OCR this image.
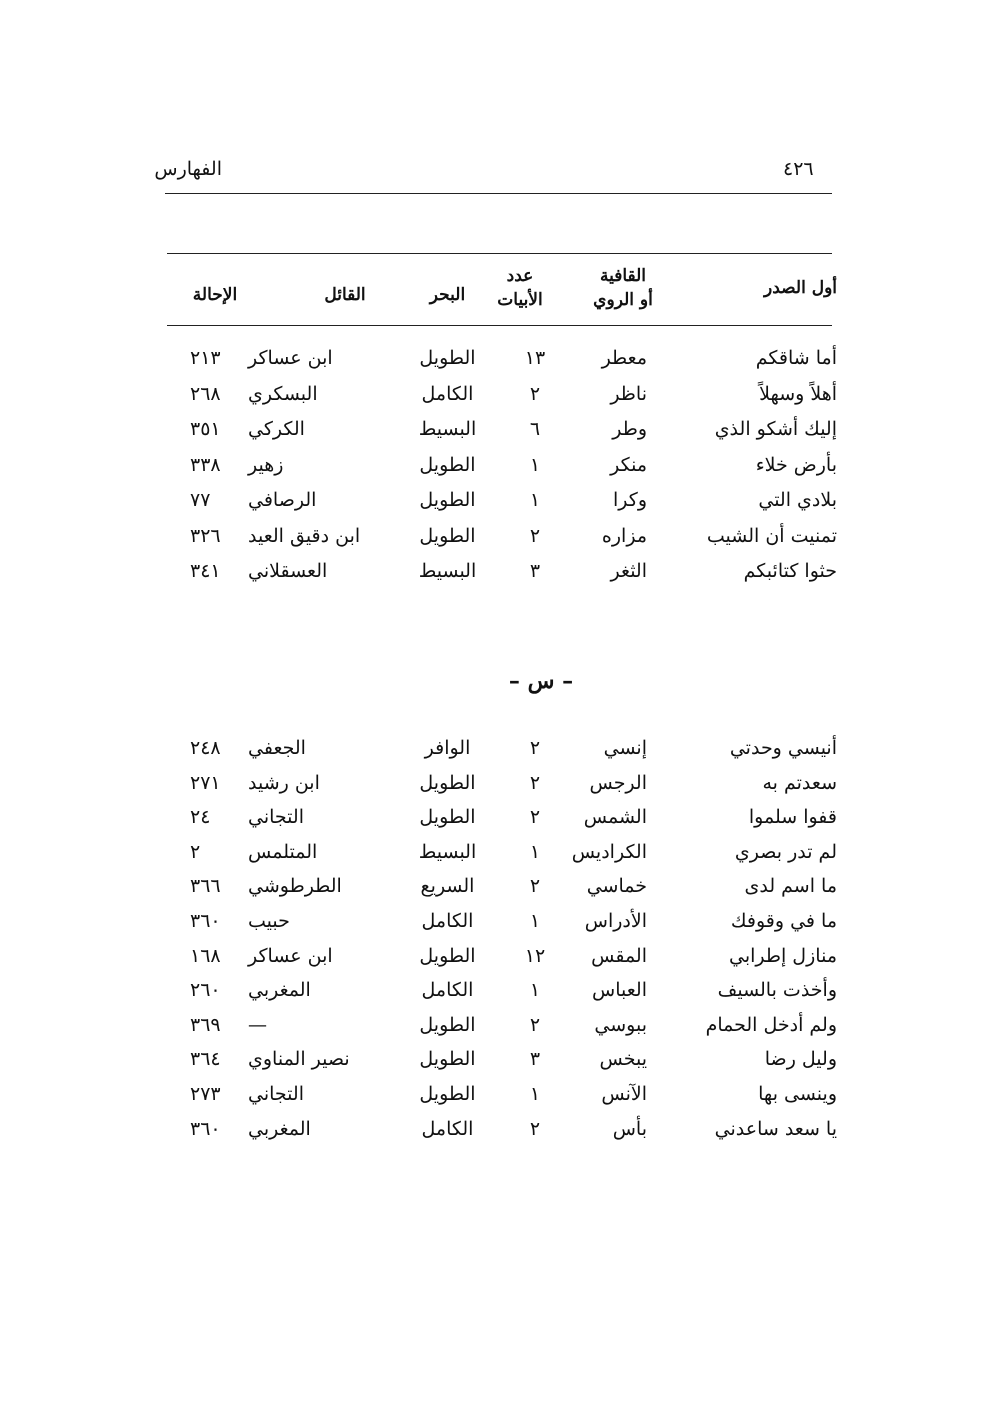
الفهارس	٤٢٦
أول الصدر
القافية
أو الروي
عدد
الأبيات
البحر
القائل
الإحالة
أما شاقكم
معطر
١٣
الطويل
ابن عساكر
٢١٣
أهلاً وسهلاً
ناظر
٢
الكامل
البسكري
٢٦٨
إليك أشكو الذي
وطر
٦
البسيط
الكركي
٣٥١
بأرض خلاء
منكر
١
الطويل
زهير
٣٣٨
بلادي التي
وكرا
١
الطويل
الرصافي
٧٧
تمنيت أن الشيب
مزاره
٢
الطويل
ابن دقيق العيد
٣٢٦
حثوا كتائبكم
الثغر
٣
البسيط
العسقلاني
٣٤١
– س –
أنيسي وحدتي
إنسي
٢
الوافر
الجعفي
٢٤٨
سعدتم به
الرجس
٢
الطويل
ابن رشيد
٢٧١
قفوا سلموا
الشمس
٢
الطويل
التجاني
٢٤
لم تدر بصري
الكراديس
١
البسيط
المتلمس
٢
ما اسم لدى
خماسي
٢
السريع
الطرطوشي
٣٦٦
ما في وقوفك
الأدراس
١
الكامل
حبيب
٣٦٠
منازل إطرابي
المقس
١٢
الطويل
ابن عساكر
١٦٨
وأخذت بالسيف
العباس
١
الكامل
المغربي
٢٦٠
ولم أدخل الحمام
ببوسي
٢
الطويل
—
٣٦٩
وليل رضا
يبخس
٣
الطويل
نصير المناوي
٣٦٤
وينسى بها
الآنس
١
الطويل
التجاني
٢٧٣
يا سعد ساعدني
بأس
٢
الكامل
المغربي
٣٦٠
